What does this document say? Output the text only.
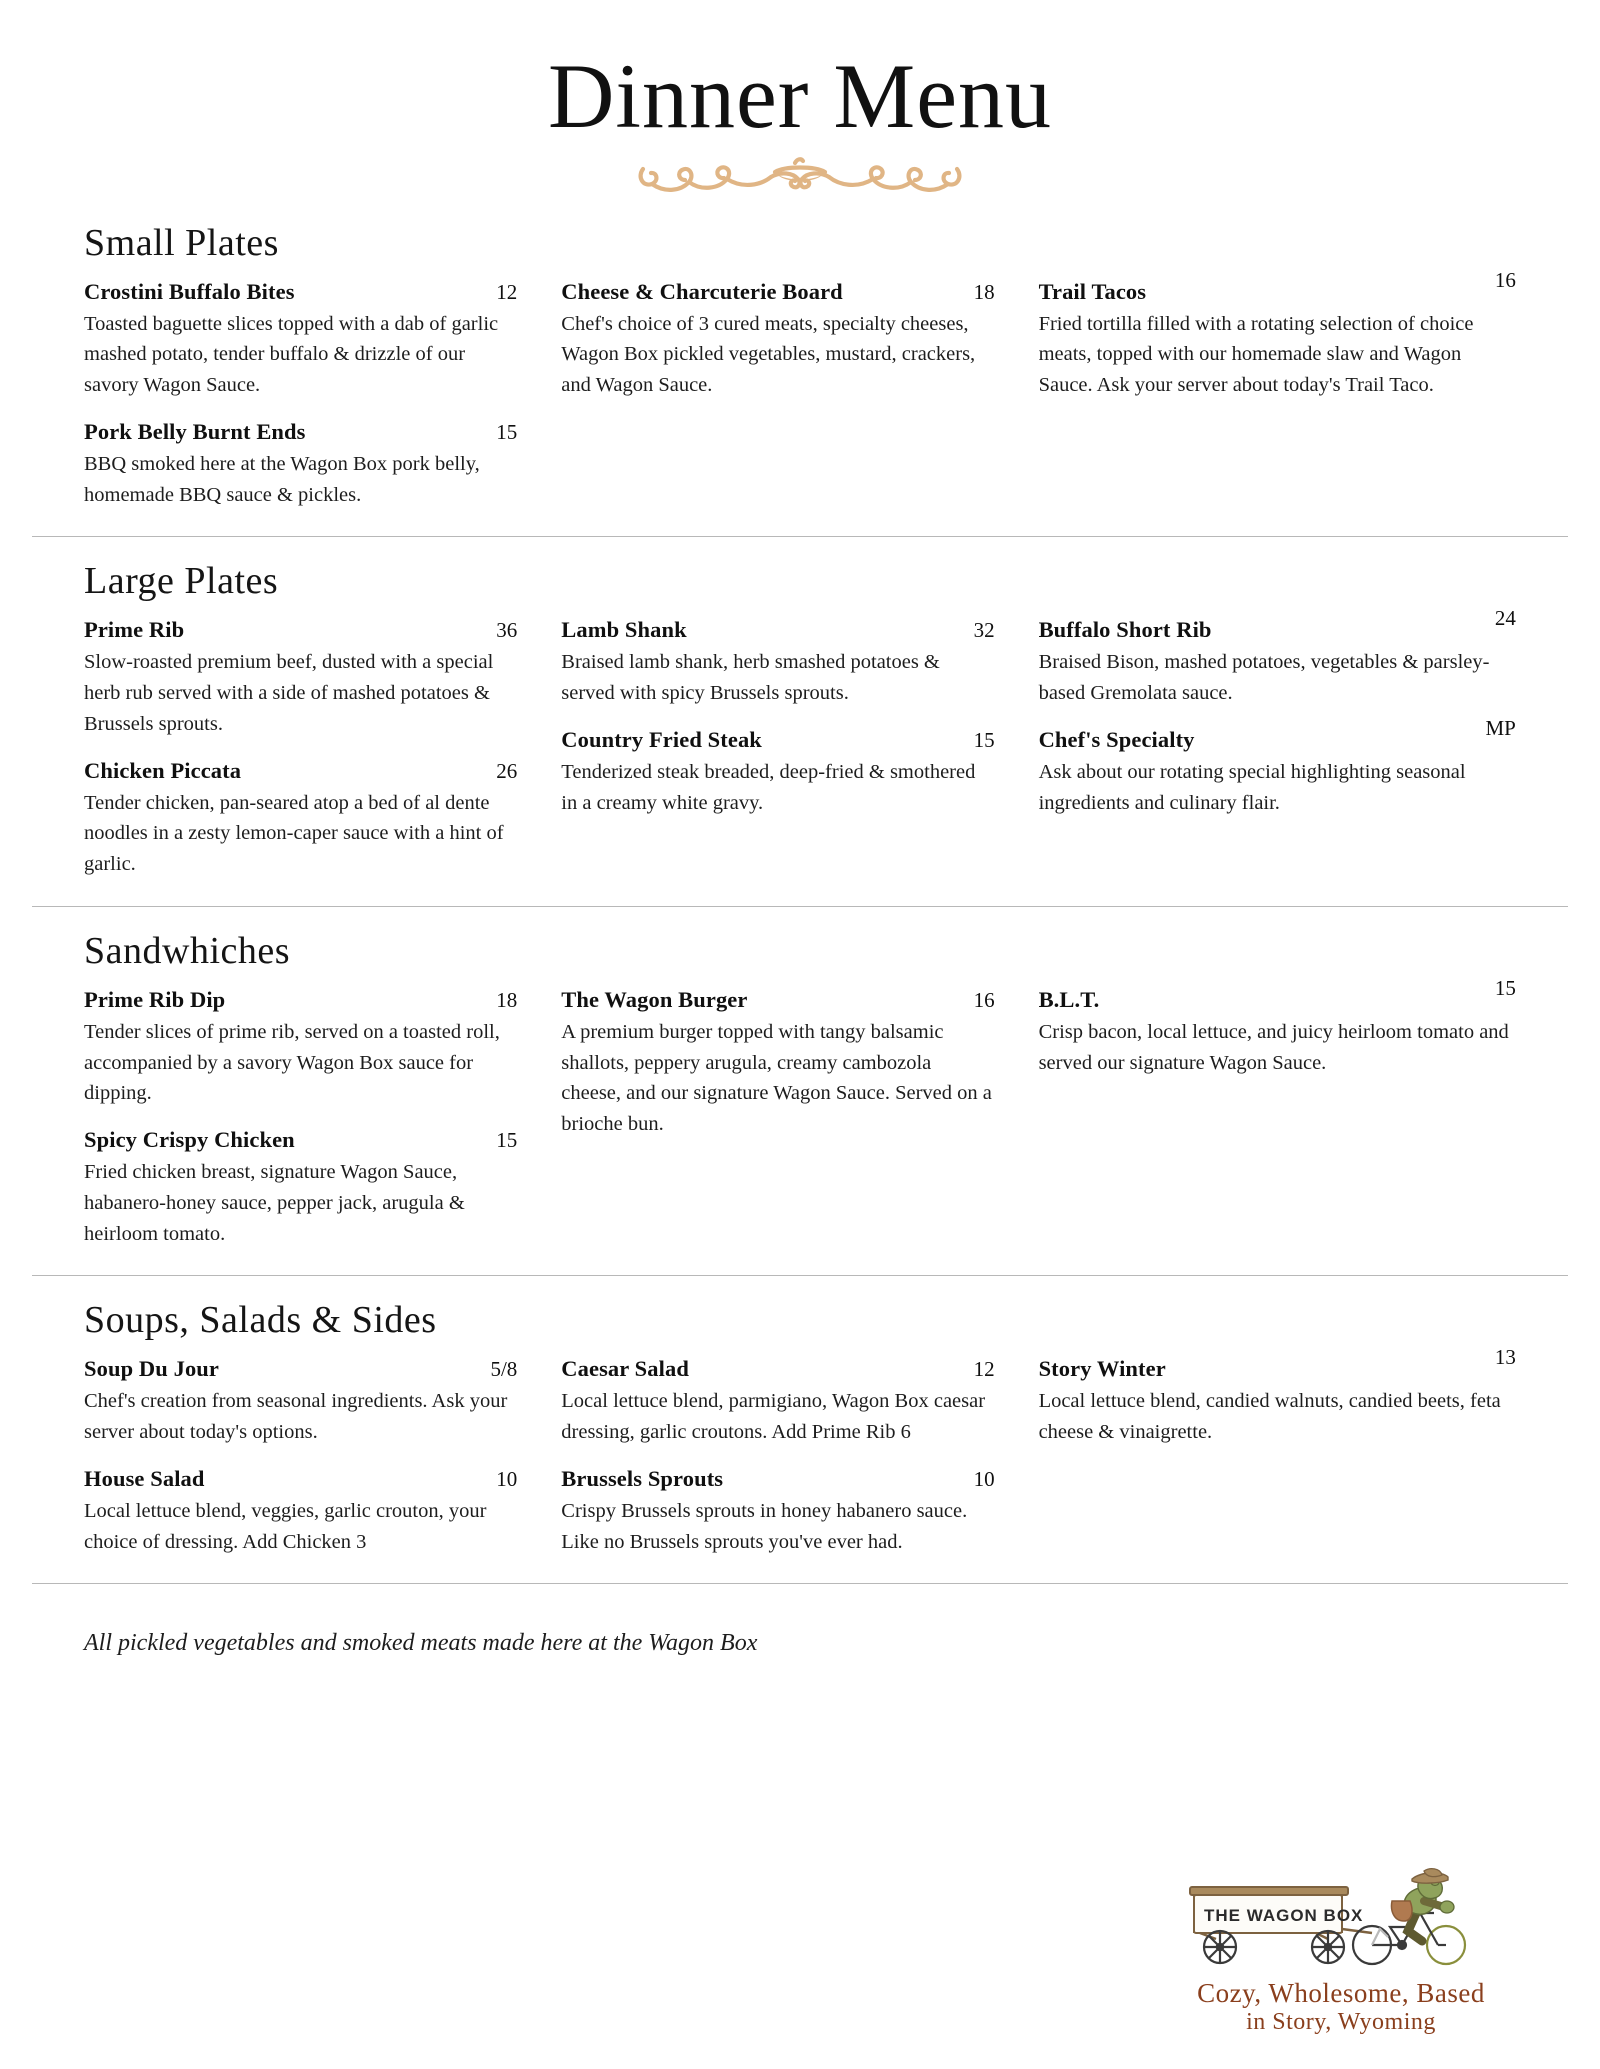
Dinner Menu
Small Plates
Crostini Buffalo Bites	12
Toasted baguette slices topped with a dab of garlic mashed potato, tender buffalo & drizzle of our savory Wagon Sauce.
Pork Belly Burnt Ends	15
BBQ smoked here at the Wagon Box pork belly, homemade BBQ sauce & pickles.
Cheese & Charcuterie Board	18
Chef's choice of 3 cured meats, specialty cheeses, Wagon Box pickled vegetables, mustard, crackers, and Wagon Sauce.
Trail Tacos	16
Fried tortilla filled with a rotating selection of choice meats, topped with our homemade slaw and Wagon Sauce. Ask your server about today's Trail Taco.
Large Plates
Prime Rib	36
Slow-roasted premium beef, dusted with a special herb rub served with a side of mashed potatoes & Brussels sprouts.
Chicken Piccata	26
Tender chicken, pan-seared atop a bed of al dente noodles in a zesty lemon-caper sauce with a hint of garlic.
Lamb Shank	32
Braised lamb shank, herb smashed potatoes & served with spicy Brussels sprouts.
Country Fried Steak	15
Tenderized steak breaded, deep-fried & smothered in a creamy white gravy.
Buffalo Short Rib	24
Braised Bison, mashed potatoes, vegetables & parsley-based Gremolata sauce.
Chef's Specialty	MP
Ask about our rotating special highlighting seasonal ingredients and culinary flair.
Sandwhiches
Prime Rib Dip	18
Tender slices of prime rib, served on a toasted roll, accompanied by a savory Wagon Box sauce for dipping.
Spicy Crispy Chicken	15
Fried chicken breast, signature Wagon Sauce, habanero-honey sauce, pepper jack, arugula & heirloom tomato.
The Wagon Burger	16
A premium burger topped with tangy balsamic shallots, peppery arugula, creamy cambozola cheese, and our signature Wagon Sauce. Served on a brioche bun.
B.L.T.	15
Crisp bacon, local lettuce, and juicy heirloom tomato and served our signature Wagon Sauce.
Soups, Salads & Sides
Soup Du Jour	5/8
Chef's creation from seasonal ingredients. Ask your server about today's options.
House Salad	10
Local lettuce blend, veggies, garlic crouton, your choice of dressing. Add Chicken 3
Caesar Salad	12
Local lettuce blend, parmigiano, Wagon Box caesar dressing, garlic croutons. Add Prime Rib 6
Brussels Sprouts	10
Crispy Brussels sprouts in honey habanero sauce. Like no Brussels sprouts you've ever had.
Story Winter	13
Local lettuce blend, candied walnuts, candied beets, feta cheese & vinaigrette.
All pickled vegetables and smoked meats made here at the Wagon Box
THE WAGON BOX
Cozy, Wholesome, Based
in Story, Wyoming
